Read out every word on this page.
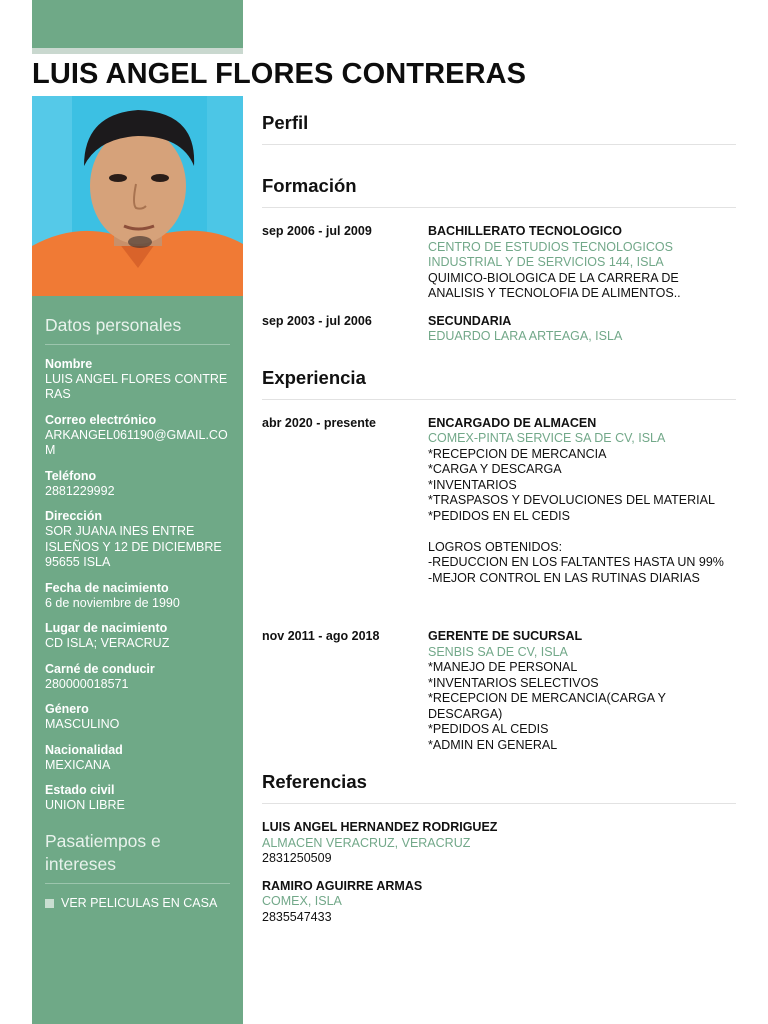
LUIS ANGEL FLORES CONTRERAS
Datos personales
Nombre
LUIS ANGEL FLORES CONTRERAS
Correo electrónico
ARKANGEL061190@GMAIL.COM
Teléfono
2881229992
Dirección
SOR JUANA INES ENTRE ISLEÑOS Y 12 DE DICIEMBRE 95655 ISLA
Fecha de nacimiento
6 de noviembre de 1990
Lugar de nacimiento
CD ISLA; VERACRUZ
Carné de conducir
280000018571
Género
MASCULINO
Nacionalidad
MEXICANA
Estado civil
UNION LIBRE
Pasatiempos e intereses
VER PELICULAS EN CASA
Perfil
Formación
sep 2006 - jul 2009	BACHILLERATO TECNOLOGICO
CENTRO DE ESTUDIOS TECNOLOGICOS INDUSTRIAL Y DE SERVICIOS 144, ISLA
QUIMICO-BIOLOGICA DE LA CARRERA DE ANALISIS Y TECNOLOFIA DE ALIMENTOS..
sep 2003 - jul 2006	SECUNDARIA
EDUARDO LARA ARTEAGA, ISLA
Experiencia
abr 2020 - presente	ENCARGADO DE ALMACEN
COMEX-PINTA SERVICE SA DE CV, ISLA
*RECEPCION DE MERCANCIA
*CARGA Y DESCARGA
*INVENTARIOS
*TRASPASOS Y DEVOLUCIONES DEL MATERIAL
*PEDIDOS EN EL CEDIS

LOGROS OBTENIDOS:
-REDUCCION EN LOS FALTANTES HASTA UN 99%
-MEJOR CONTROL EN LAS RUTINAS DIARIAS

nov 2011 - ago 2018	GERENTE DE SUCURSAL
SENBIS SA DE CV, ISLA
*MANEJO DE PERSONAL
*INVENTARIOS SELECTIVOS
*RECEPCION DE MERCANCIA(CARGA Y DESCARGA)
*PEDIDOS AL CEDIS
*ADMIN EN GENERAL
Referencias
LUIS ANGEL HERNANDEZ RODRIGUEZ
ALMACEN VERACRUZ, VERACRUZ
2831250509
RAMIRO AGUIRRE ARMAS
COMEX, ISLA
2835547433
